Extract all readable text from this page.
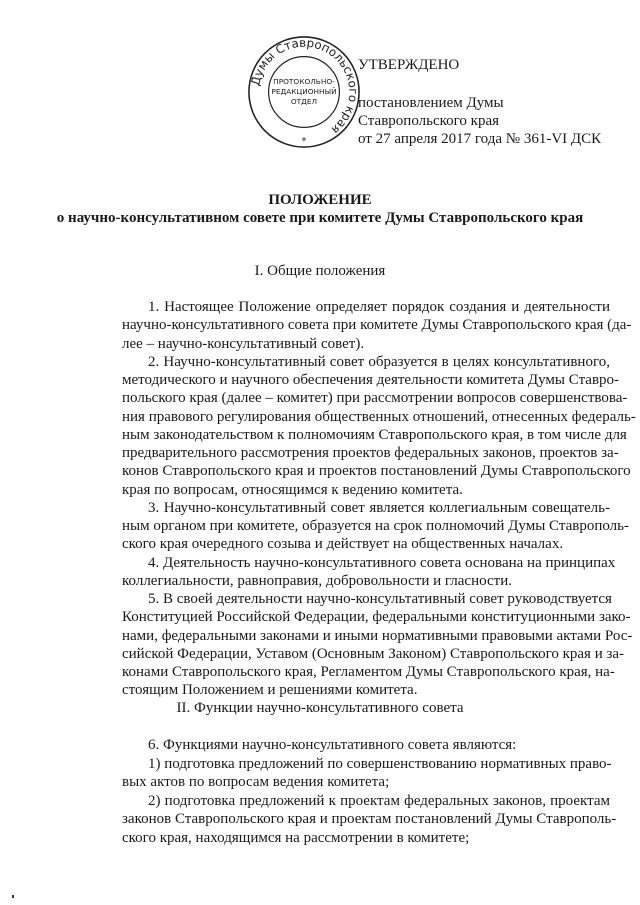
Думы Ставропольского края
ПРОТОКОЛЬНО-
РЕДАКЦИОННЫЙ
ОТДЕЛ
*
УТВЕРЖДЕНО
постановлением Думы
Ставропольского края
от 27 апреля 2017 года № 361-VI ДСК
ПОЛОЖЕНИЕ
о научно-консультативном совете при комитете Думы Ставропольского края
I. Общие положения
1. Настоящее Положение определяет порядок создания и деятельности
научно-консультативного совета при комитете Думы Ставропольского края (да-
лее – научно-консультативный совет).
2. Научно-консультативный совет образуется в целях консультативного,
методического и научного обеспечения деятельности комитета Думы Ставро-
польского края (далее – комитет) при рассмотрении вопросов совершенствова-
ния правового регулирования общественных отношений, отнесенных федераль-
ным законодательством к полномочиям Ставропольского края, в том числе для
предварительного рассмотрения проектов федеральных законов, проектов за-
конов Ставропольского края и проектов постановлений Думы Ставропольского
края по вопросам, относящимся к ведению комитета.
3. Научно-консультативный совет является коллегиальным совещатель-
ным органом при комитете, образуется на срок полномочий Думы Ставрополь-
ского края очередного созыва и действует на общественных началах.
4. Деятельность научно-консультативного совета основана на принципах
коллегиальности, равноправия, добровольности и гласности.
5. В своей деятельности научно-консультативный совет руководствуется
Конституцией Российской Федерации, федеральными конституционными зако-
нами, федеральными законами и иными нормативными правовыми актами Рос-
сийской Федерации, Уставом (Основным Законом) Ставропольского края и за-
конами Ставропольского края, Регламентом Думы Ставропольского края, на-
стоящим Положением и решениями комитета.
II. Функции научно-консультативного совета
6. Функциями научно-консультативного совета являются:
1) подготовка предложений по совершенствованию нормативных право-
вых актов по вопросам ведения комитета;
2) подготовка предложений к проектам федеральных законов, проектам
законов Ставропольского края и проектам постановлений Думы Ставрополь-
ского края, находящимся на рассмотрении в комитете;
